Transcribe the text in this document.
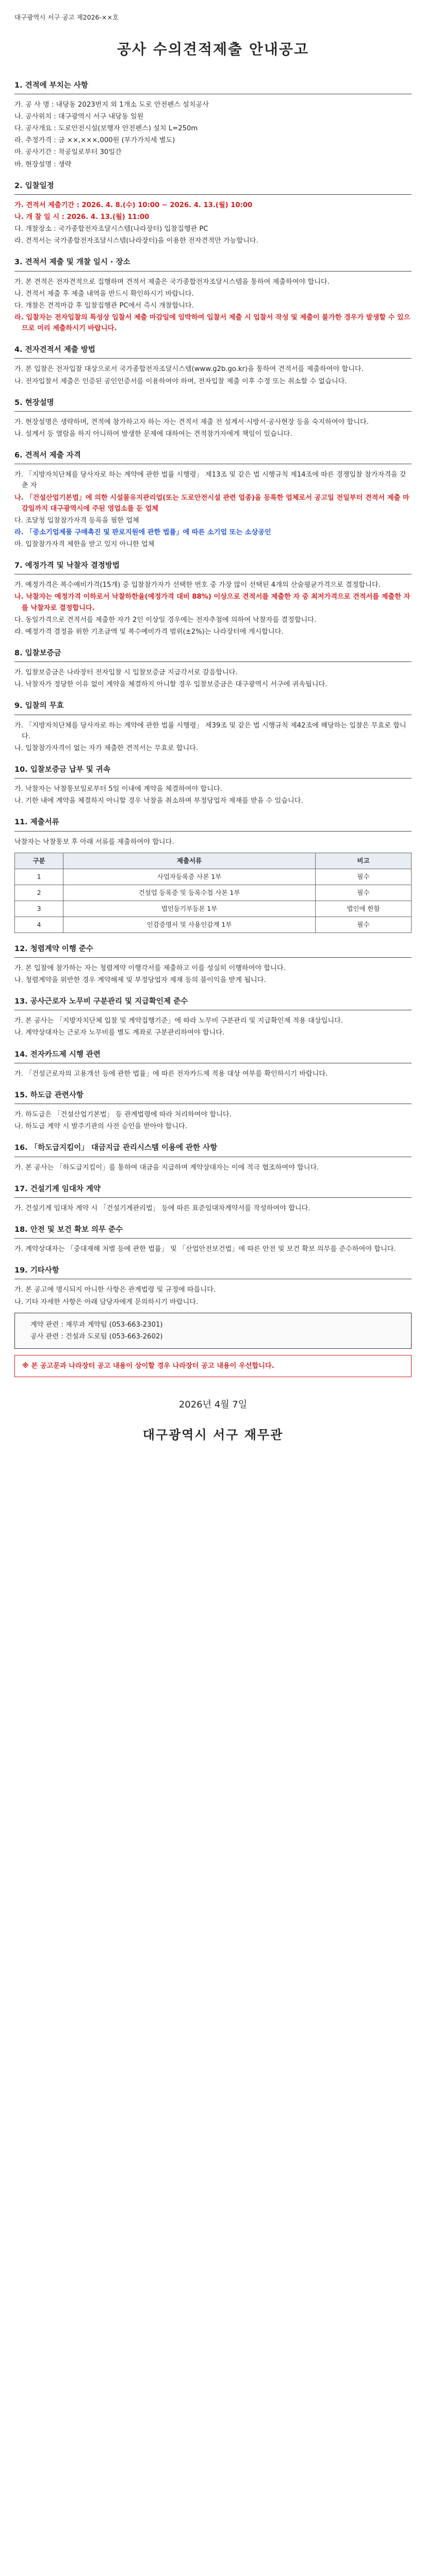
대구광역시 서구 공고 제2026-××호
공사 수의견적제출 안내공고
1. 견적에 부치는 사항
가. 공 사 명 : 내당동 2023번지 외 1개소 도로 안전펜스 설치공사
나. 공사위치 : 대구광역시 서구 내당동 일원
다. 공사개요 : 도로안전시설(보행자 안전펜스) 설치 L=250m
라. 추정가격 : 금 ××,×××,000원 (부가가치세 별도)
마. 공사기간 : 착공일로부터 30일간
바. 현장설명 : 생략
2. 입찰일정
가. 견적서 제출기간 : 2026. 4. 8.(수) 10:00 ~ 2026. 4. 13.(월) 10:00
나. 개 찰 일 시 : 2026. 4. 13.(월) 11:00
다. 개찰장소 : 국가종합전자조달시스템(나라장터) 입찰집행관 PC
라. 견적서는 국가종합전자조달시스템(나라장터)을 이용한 전자견적만 가능합니다.
3. 견적서 제출 및 개찰 일시 · 장소
가. 본 견적은 전자견적으로 집행하며 견적서 제출은 국가종합전자조달시스템을 통하여 제출하여야 합니다.
나. 견적서 제출 후 제출 내역을 반드시 확인하시기 바랍니다.
다. 개찰은 견적마감 후 입찰집행관 PC에서 즉시 개찰합니다.
라. 입찰자는 전자입찰의 특성상 입찰서 제출 마감일에 임박하여 입찰서 제출 시 입찰서 작성 및 제출이 불가한 경우가 발생할 수 있으므로 미리 제출하시기 바랍니다.
4. 전자견적서 제출 방법
가. 본 입찰은 전자입찰 대상으로서 국가종합전자조달시스템(www.g2b.go.kr)을 통하여 견적서를 제출하여야 합니다.
나. 전자입찰서 제출은 인증된 공인인증서를 이용하여야 하며, 전자입찰 제출 이후 수정 또는 취소할 수 없습니다.
5. 현장설명
가. 현장설명은 생략하며, 견적에 참가하고자 하는 자는 견적서 제출 전 설계서·시방서·공사현장 등을 숙지하여야 합니다.
나. 설계서 등 열람을 하지 아니하여 발생한 문제에 대하여는 견적참가자에게 책임이 있습니다.
6. 견적서 제출 자격
가. 「지방자치단체를 당사자로 하는 계약에 관한 법률 시행령」 제13조 및 같은 법 시행규칙 제14조에 따른 경쟁입찰 참가자격을 갖춘 자
나. 「건설산업기본법」에 의한 시설물유지관리업(또는 도로안전시설 관련 업종)을 등록한 업체로서 공고일 전일부터 견적서 제출 마감일까지 대구광역시에 주된 영업소를 둔 업체
다. 조달청 입찰참가자격 등록을 필한 업체
라. 「중소기업제품 구매촉진 및 판로지원에 관한 법률」에 따른 소기업 또는 소상공인
마. 입찰참가자격 제한을 받고 있지 아니한 업체
7. 예정가격 및 낙찰자 결정방법
가. 예정가격은 복수예비가격(15개) 중 입찰참가자가 선택한 번호 중 가장 많이 선택된 4개의 산술평균가격으로 결정합니다.
나. 낙찰자는 예정가격 이하로서 낙찰하한율(예정가격 대비 88%) 이상으로 견적서를 제출한 자 중 최저가격으로 견적서를 제출한 자를 낙찰자로 결정합니다.
다. 동일가격으로 견적서를 제출한 자가 2인 이상일 경우에는 전자추첨에 의하여 낙찰자를 결정합니다.
라. 예정가격 결정을 위한 기초금액 및 복수예비가격 범위(±2%)는 나라장터에 게시합니다.
8. 입찰보증금
가. 입찰보증금은 나라장터 전자입찰 시 입찰보증금 지급각서로 갈음합니다.
나. 낙찰자가 정당한 이유 없이 계약을 체결하지 아니할 경우 입찰보증금은 대구광역시 서구에 귀속됩니다.
9. 입찰의 무효
가. 「지방자치단체를 당사자로 하는 계약에 관한 법률 시행령」 제39조 및 같은 법 시행규칙 제42조에 해당하는 입찰은 무효로 합니다.
나. 입찰참가자격이 없는 자가 제출한 견적서는 무효로 합니다.
10. 입찰보증금 납부 및 귀속
가. 낙찰자는 낙찰통보일로부터 5일 이내에 계약을 체결하여야 합니다.
나. 기한 내에 계약을 체결하지 아니할 경우 낙찰을 취소하며 부정당업자 제재를 받을 수 있습니다.
11. 제출서류
낙찰자는 낙찰통보 후 아래 서류를 제출하여야 합니다.
구분	제출서류	비고
1	사업자등록증 사본 1부	필수
2	건설업 등록증 및 등록수첩 사본 1부	필수
3	법인등기부등본 1부	법인에 한함
4	인감증명서 및 사용인감계 1부	필수
12. 청렴계약 이행 준수
가. 본 입찰에 참가하는 자는 청렴계약 이행각서를 제출하고 이를 성실히 이행하여야 합니다.
나. 청렴계약을 위반한 경우 계약해제 및 부정당업자 제재 등의 불이익을 받게 됩니다.
13. 공사근로자 노무비 구분관리 및 지급확인제 준수
가. 본 공사는 「지방자치단체 입찰 및 계약집행기준」에 따라 노무비 구분관리 및 지급확인제 적용 대상입니다.
나. 계약상대자는 근로자 노무비를 별도 계좌로 구분관리하여야 합니다.
14. 전자카드제 시행 관련
가. 「건설근로자의 고용개선 등에 관한 법률」에 따른 전자카드제 적용 대상 여부를 확인하시기 바랍니다.
15. 하도급 관련사항
가. 하도급은 「건설산업기본법」 등 관계법령에 따라 처리하여야 합니다.
나. 하도급 계약 시 발주기관의 사전 승인을 받아야 합니다.
16. 「하도급지킴이」 대금지급 관리시스템 이용에 관한 사항
가. 본 공사는 「하도급지킴이」를 통하여 대금을 지급하며 계약상대자는 이에 적극 협조하여야 합니다.
17. 건설기계 임대차 계약
가. 건설기계 임대차 계약 시 「건설기계관리법」 등에 따른 표준임대차계약서를 작성하여야 합니다.
18. 안전 및 보건 확보 의무 준수
가. 계약상대자는 「중대재해 처벌 등에 관한 법률」 및 「산업안전보건법」에 따른 안전 및 보건 확보 의무를 준수하여야 합니다.
19. 기타사항
가. 본 공고에 명시되지 아니한 사항은 관계법령 및 규정에 따릅니다.
나. 기타 자세한 사항은 아래 담당자에게 문의하시기 바랍니다.
계약 관련 : 재무과 계약팀 (053-663-2301)
공사 관련 : 건설과 도로팀 (053-663-2602)
※ 본 공고문과 나라장터 공고 내용이 상이할 경우 나라장터 공고 내용이 우선합니다.
2026년 4월 7일
대구광역시 서구 재무관
